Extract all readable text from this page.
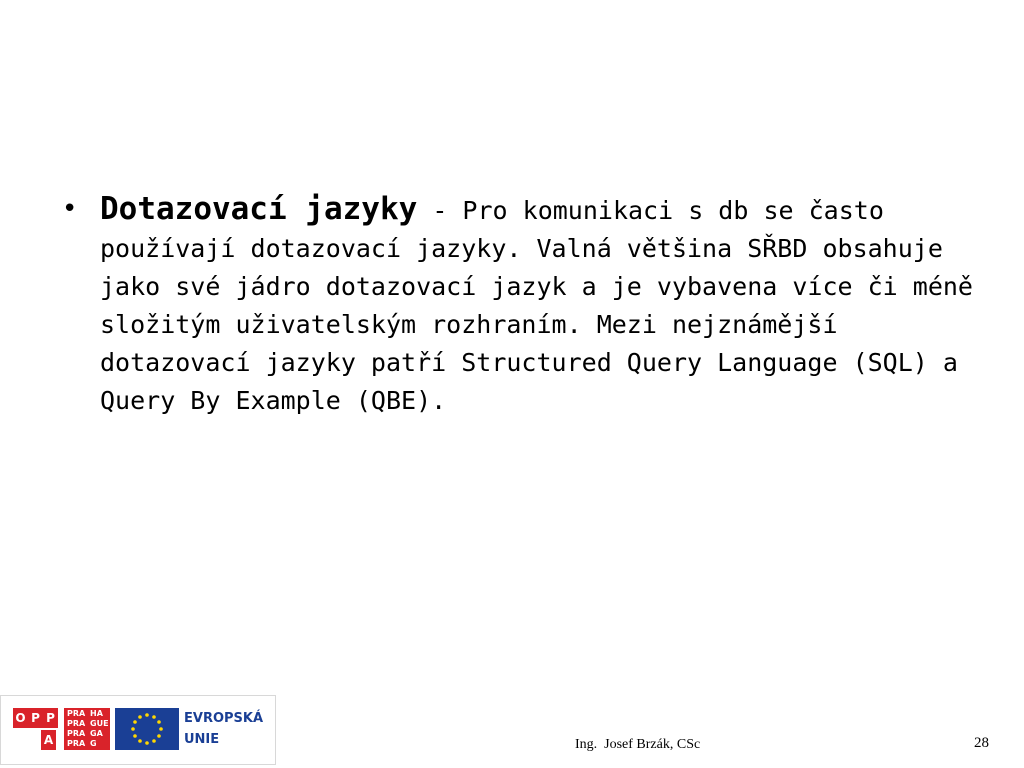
• Dotazovací jazyky - Pro komunikaci s db se často používají dotazovací jazyky. Valná většina SŘBD obsahuje jako své jádro dotazovací jazyk a je vybavena více či méně složitým uživatelským rozhraním. Mezi nejznámější dotazovací jazyky patří Structured Query Language (SQL) a Query By Example (QBE).
O P P
A
PRA HA
PRA GUE
PRA GA
PRA G
EVROPSKÁ
UNIE	Ing.  Josef Brzák, CSc	28
